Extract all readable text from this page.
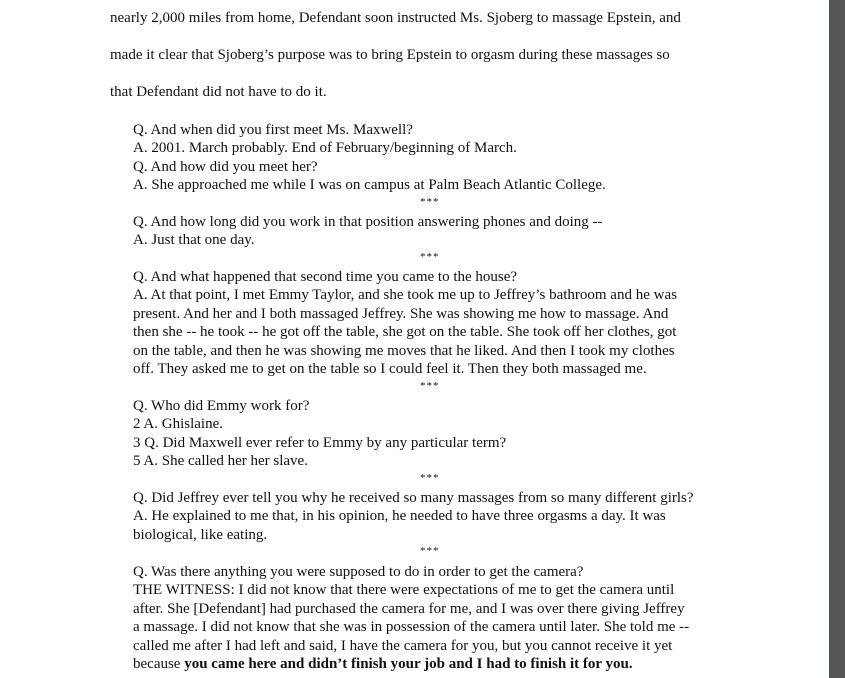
nearly 2,000 miles from home, Defendant soon instructed Ms. Sjoberg to massage Epstein, and
made it clear that Sjoberg’s purpose was to bring Epstein to orgasm during these massages so
that Defendant did not have to do it.
Q. And when did you first meet Ms. Maxwell?
A. 2001. March probably. End of February/beginning of March.
Q. And how did you meet her?
A. She approached me while I was on campus at Palm Beach Atlantic College.
***
Q. And how long did you work in that position answering phones and doing --
A. Just that one day.
***
Q. And what happened that second time you came to the house?
A. At that point, I met Emmy Taylor, and she took me up to Jeffrey’s bathroom and he was
present. And her and I both massaged Jeffrey. She was showing me how to massage. And
then she -- he took -- he got off the table, she got on the table. She took off her clothes, got
on the table, and then he was showing me moves that he liked. And then I took my clothes
off. They asked me to get on the table so I could feel it. Then they both massaged me.
***
Q. Who did Emmy work for?
2 A. Ghislaine.
3 Q. Did Maxwell ever refer to Emmy by any particular term?
5 A. She called her her slave.
***
Q. Did Jeffrey ever tell you why he received so many massages from so many different girls?
A. He explained to me that, in his opinion, he needed to have three orgasms a day. It was
biological, like eating.
***
Q. Was there anything you were supposed to do in order to get the camera?
THE WITNESS: I did not know that there were expectations of me to get the camera until
after. She [Defendant] had purchased the camera for me, and I was over there giving Jeffrey
a massage. I did not know that she was in possession of the camera until later. She told me --
called me after I had left and said, I have the camera for you, but you cannot receive it yet
because you came here and didn’t finish your job and I had to finish it for you.
